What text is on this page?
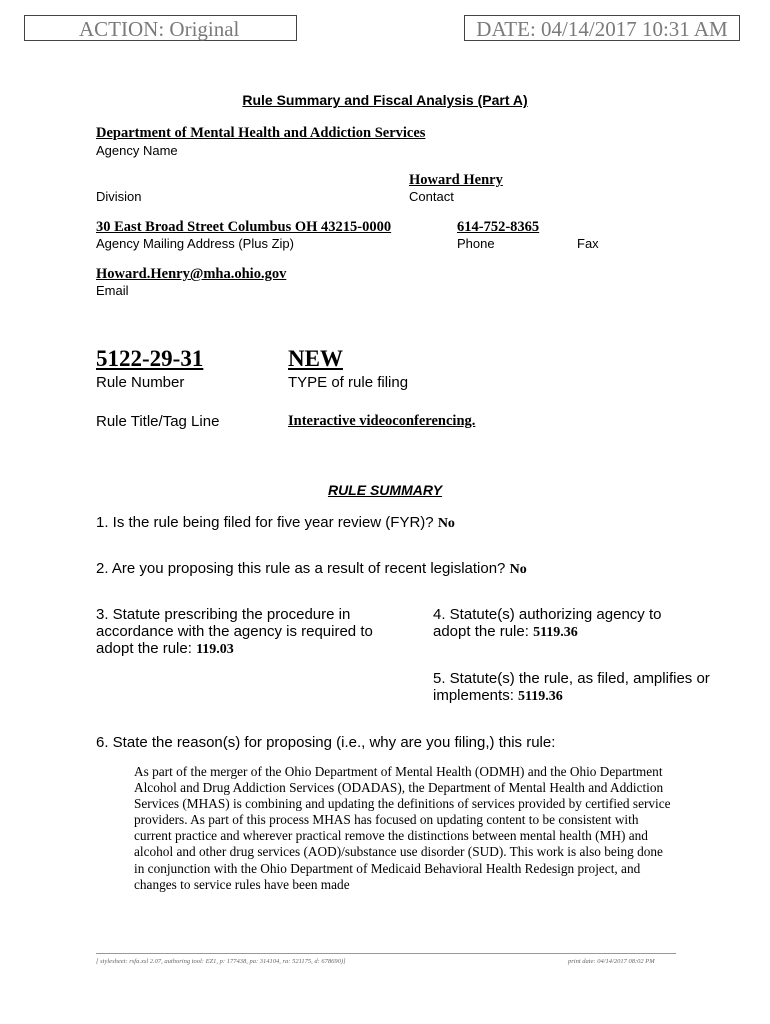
ACTION: Original	DATE: 04/14/2017 10:31 AM
Rule Summary and Fiscal Analysis (Part A)
Department of Mental Health and Addiction Services
Agency Name
Howard Henry
Division	Contact
30 East Broad Street Columbus OH 43215-0000	614-752-8365
Agency Mailing Address (Plus Zip)	Phone	Fax
Howard.Henry@mha.ohio.gov
Email
5122-29-31	NEW
Rule Number	TYPE of rule filing
Rule Title/Tag Line	Interactive videoconferencing.
RULE SUMMARY
1. Is the rule being filed for five year review (FYR)? No
2. Are you proposing this rule as a result of recent legislation? No
3. Statute prescribing the procedure in accordance with the agency is required to adopt the rule: 119.03
4. Statute(s) authorizing agency to adopt the rule: 5119.36
5. Statute(s) the rule, as filed, amplifies or implements: 5119.36
6. State the reason(s) for proposing (i.e., why are you filing,) this rule:
As part of the merger of the Ohio Department of Mental Health (ODMH) and the Ohio Department Alcohol and Drug Addiction Services (ODADAS), the Department of Mental Health and Addiction Services (MHAS) is combining and updating the definitions of services provided by certified service providers. As part of this process MHAS has focused on updating content to be consistent with current practice and wherever practical remove the distinctions between mental health (MH) and alcohol and other drug services (AOD)/substance use disorder (SUD). This work is also being done in conjunction with the Ohio Department of Medicaid Behavioral Health Redesign project, and changes to service rules have been made
[ stylesheet: rsfa.xsl 2.07, authoring tool: EZ1, p: 177438, pa: 314104, ra: 521175, d: 678690)]	print date: 04/14/2017 08:02 PM
